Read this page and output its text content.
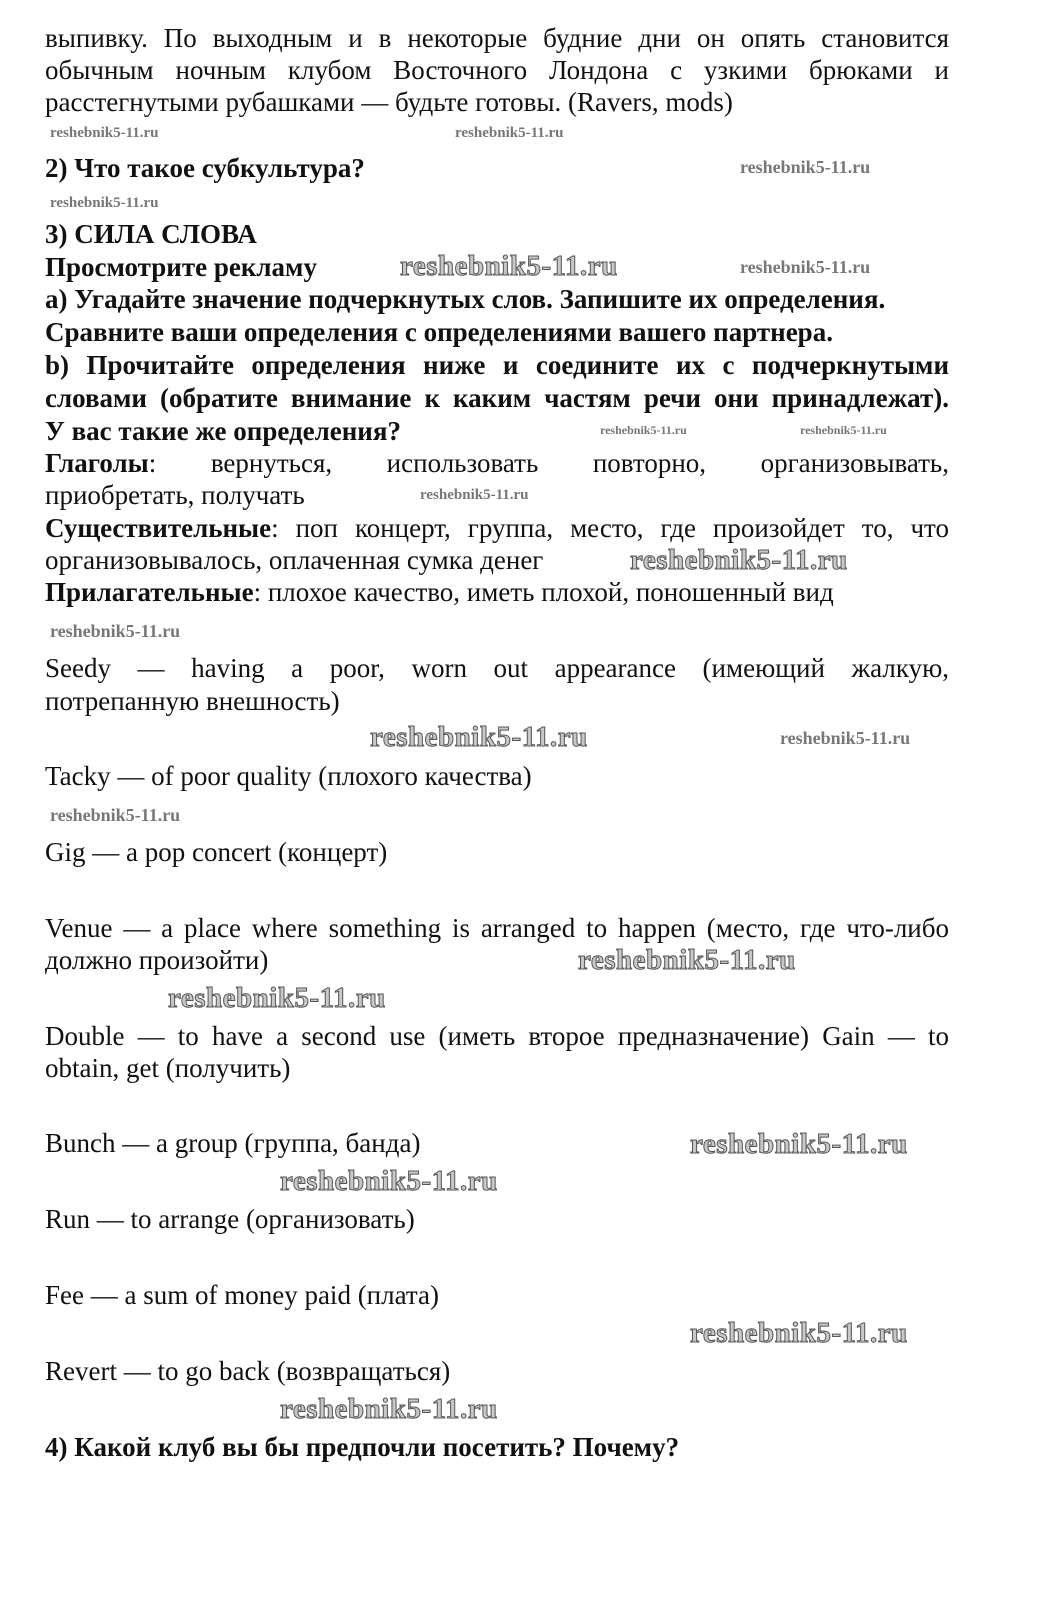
выпивку. По выходным и в некоторые будние дни он опять становится
обычным ночным клубом Восточного Лондона с узкими брюками и
расстегнутыми рубашками — будьте готовы. (Ravers, mods)
2) Что такое субкультура?
3) СИЛА СЛОВА
Просмотрите рекламу
a) Угадайте значение подчеркнутых слов. Запишите их определения.
Сравните ваши определения с определениями вашего партнера.
b) Прочитайте определения ниже и соедините их с подчеркнутыми
словами (обратите внимание к каким частям речи они принадлежат).
У вас такие же определения?
Глаголы: вернуться, использовать повторно, организовывать,
приобретать, получать
Существительные: поп концерт, группа, место, где произойдет то, что
организовывалось, оплаченная сумка денег
Прилагательные: плохое качество, иметь плохой, поношенный вид
Seedy — having a poor, worn out appearance (имеющий жалкую,
потрепанную внешность)
Tacky — of poor quality (плохого качества)
Gig — a pop concert (концерт)
Venue — a place where something is arranged to happen (место, где что-либо
должно произойти)
Double — to have a second use (иметь второе предназначение) Gain — to
obtain, get (получить)
Bunch — a group (группа, банда)
Run — to arrange (организовать)
Fee — a sum of money paid (плата)
Revert — to go back (возвращаться)
4) Какой клуб вы бы предпочли посетить? Почему?
reshebnik5-11.ru	reshebnik5-11.ru
reshebnik5-11.ru
reshebnik5-11.ru
reshebnik5-11.ru
reshebnik5-11.ru	reshebnik5-11.ru
reshebnik5-11.ru
reshebnik5-11.ru
reshebnik5-11.ru
reshebnik5-11.ru
reshebnik5-11.ru
reshebnik5-11.ru
reshebnik5-11.ru
reshebnik5-11.ru
reshebnik5-11.ru
reshebnik5-11.ru
reshebnik5-11.ru
reshebnik5-11.ru
reshebnik5-11.ru
